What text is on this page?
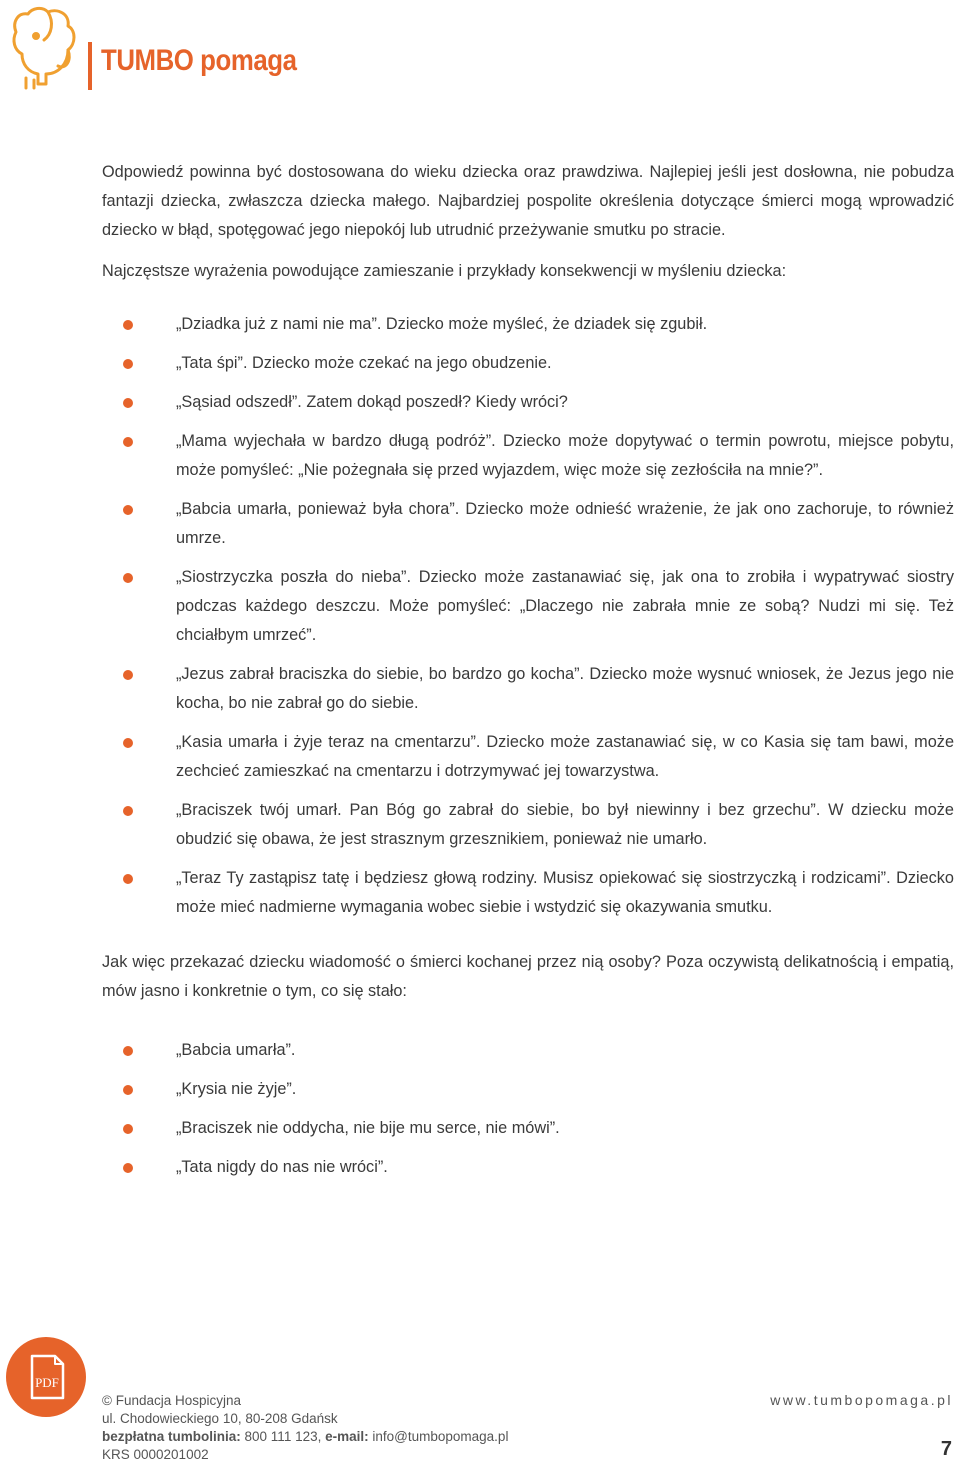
TUMBO pomaga

Odpowiedź powinna być dostosowana do wieku dziecka oraz prawdziwa. Najlepiej jeśli jest dosłowna, nie pobudza fantazji dziecka, zwłaszcza dziecka małego. Najbardziej pospolite określenia dotyczące śmierci mogą wprowadzić dziecko w błąd, spotęgować jego niepokój lub utrudnić przeżywanie smutku po stracie.

Najczęstsze wyrażenia powodujące zamieszanie i przykłady konsekwencji w myśleniu dziecka:

„Dziadka już z nami nie ma”. Dziecko może myśleć, że dziadek się zgubił.
„Tata śpi”. Dziecko może czekać na jego obudzenie.
„Sąsiad odszedł”. Zatem dokąd poszedł? Kiedy wróci?
„Mama wyjechała w bardzo długą podróż”. Dziecko może dopytywać o termin powrotu, miejsce pobytu, może pomyśleć: „Nie pożegnała się przed wyjazdem, więc może się zezłościła na mnie?”.
„Babcia umarła, ponieważ była chora”. Dziecko może odnieść wrażenie, że jak ono zachoruje, to również umrze.
„Siostrzyczka poszła do nieba”. Dziecko może zastanawiać się, jak ona to zrobiła i wypatrywać siostry podczas każdego deszczu. Może pomyśleć: „Dlaczego nie zabrała mnie ze sobą? Nudzi mi się. Też chciałbym umrzeć”.
„Jezus zabrał braciszka do siebie, bo bardzo go kocha”. Dziecko może wysnuć wniosek, że Jezus jego nie kocha, bo nie zabrał go do siebie.
„Kasia umarła i żyje teraz na cmentarzu”. Dziecko może zastanawiać się, w co Kasia się tam bawi, może zechcieć zamieszkać na cmentarzu i dotrzymywać jej towarzystwa.
„Braciszek twój umarł. Pan Bóg go zabrał do siebie, bo był niewinny i bez grzechu”. W dziecku może obudzić się obawa, że jest strasznym grzesznikiem, ponieważ nie umarło.
„Teraz Ty zastąpisz tatę i będziesz głową rodziny. Musisz opiekować się siostrzyczką i rodzicami”. Dziecko może mieć nadmierne wymagania wobec siebie i wstydzić się okazywania smutku.

Jak więc przekazać dziecku wiadomość o śmierci kochanej przez nią osoby? Poza oczywistą delikatnością i empatią, mów jasno i konkretnie o tym, co się stało:

„Babcia umarła”.
„Krysia nie żyje”.
„Braciszek nie oddycha, nie bije mu serce, nie mówi”.
„Tata nigdy do nas nie wróci”.
PDF
© Fundacja Hospicyjna
ul. Chodowieckiego 10, 80-208 Gdańsk
bezpłatna tumbolinia: 800 111 123, e-mail: info@tumbopomaga.pl
KRS 0000201002
www.tumbopomaga.pl
7
